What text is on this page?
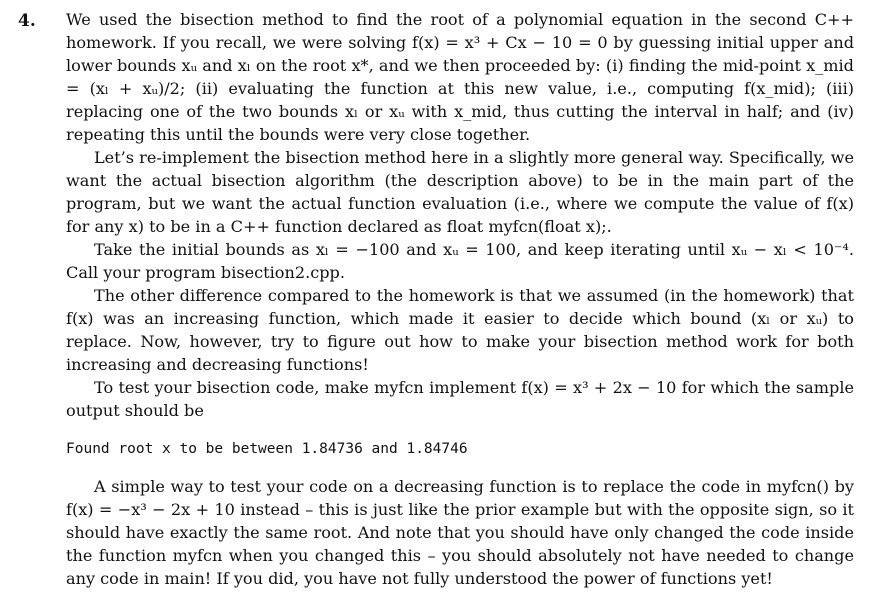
4. We used the bisection method to find the root of a polynomial equation in the second C++ homework. If you recall, we were solving f(x) = x³ + Cx − 10 = 0 by guessing initial upper and lower bounds xᵤ and xₗ on the root x*, and we then proceeded by: (i) finding the mid-point x_mid = (xₗ + xᵤ)/2; (ii) evaluating the function at this new value, i.e., computing f(x_mid); (iii) replacing one of the two bounds xₗ or xᵤ with x_mid, thus cutting the interval in half; and (iv) repeating this until the bounds were very close together.

Let’s re-implement the bisection method here in a slightly more general way. Specifically, we want the actual bisection algorithm (the description above) to be in the main part of the program, but we want the actual function evaluation (i.e., where we compute the value of f(x) for any x) to be in a C++ function declared as float myfcn(float x);.

Take the initial bounds as xₗ = −100 and xᵤ = 100, and keep iterating until xᵤ − xₗ < 10⁻⁴. Call your program bisection2.cpp.

The other difference compared to the homework is that we assumed (in the homework) that f(x) was an increasing function, which made it easier to decide which bound (xₗ or xᵤ) to replace. Now, however, try to figure out how to make your bisection method work for both increasing and decreasing functions!

To test your bisection code, make myfcn implement f(x) = x³ + 2x − 10 for which the sample output should be

Found root x to be between 1.84736 and 1.84746

A simple way to test your code on a decreasing function is to replace the code in myfcn() by f(x) = −x³ − 2x + 10 instead – this is just like the prior example but with the opposite sign, so it should have exactly the same root. And note that you should have only changed the code inside the function myfcn when you changed this – you should absolutely not have needed to change any code in main! If you did, you have not fully understood the power of functions yet!
